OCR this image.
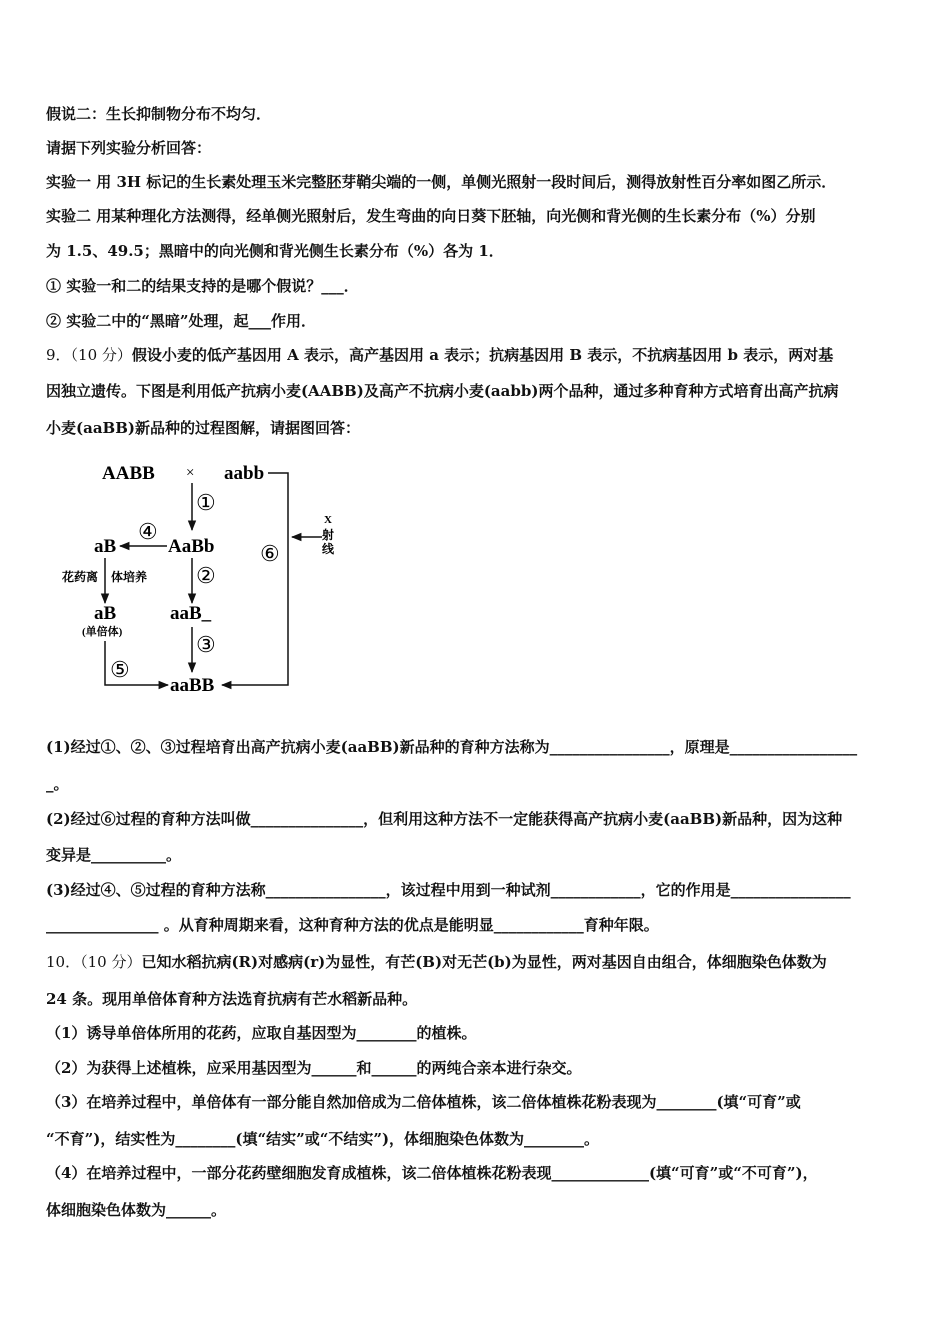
假说二：生长抑制物分布不均匀．
请据下列实验分析回答：
实验一 用 3H 标记的生长素处理玉米完整胚芽鞘尖端的一侧，单侧光照射一段时间后，测得放射性百分率如图乙所示．
实验二 用某种理化方法测得，经单侧光照射后，发生弯曲的向日葵下胚轴，向光侧和背光侧的生长素分布（%）分别
为 1.5、49.5；黑暗中的向光侧和背光侧生长素分布（%）各为 1．
① 实验一和二的结果支持的是哪个假说？___．
② 实验二中的“黑暗”处理，起___作用．
9．（10 分）假设小麦的低产基因用 A 表示，高产基因用 a 表示；抗病基因用 B 表示，不抗病基因用 b 表示，两对基
因独立遗传。下图是利用低产抗病小麦(AABB)及高产不抗病小麦(aabb)两个品种，通过多种育种方式培育出高产抗病
小麦(aaBB)新品种的过程图解，请据图回答：
AABB × aabb
①
AaBb
④
aB
花药离 体培养
aB
(单倍体)
⑤
②
aaB_
③
aaBB
⑥
X
射
线
(1)经过①、②、③过程培育出高产抗病小麦(aaBB)新品种的育种方法称为________________，原理是_________________
_。
(2)经过⑥过程的育种方法叫做_______________，但利用这种方法不一定能获得高产抗病小麦(aaBB)新品种，因为这种
变异是__________。
(3)经过④、⑤过程的育种方法称________________，该过程中用到一种试剂____________，它的作用是________________
_______________ 。从育种周期来看，这种育种方法的优点是能明显____________育种年限。
10．（10 分）已知水稻抗病(R)对感病(r)为显性，有芒(B)对无芒(b)为显性，两对基因自由组合，体细胞染色体数为
24 条。现用单倍体育种方法选育抗病有芒水稻新品种。
（1）诱导单倍体所用的花药，应取自基因型为________的植株。
（2）为获得上述植株，应采用基因型为______和______的两纯合亲本进行杂交。
（3）在培养过程中，单倍体有一部分能自然加倍成为二倍体植株，该二倍体植株花粉表现为________(填“可育”或
“不育”)，结实性为________(填“结实”或“不结实”)，体细胞染色体数为________。
（4）在培养过程中，一部分花药壁细胞发育成植株，该二倍体植株花粉表现_____________(填“可育”或“不可育”)，
体细胞染色体数为______。
